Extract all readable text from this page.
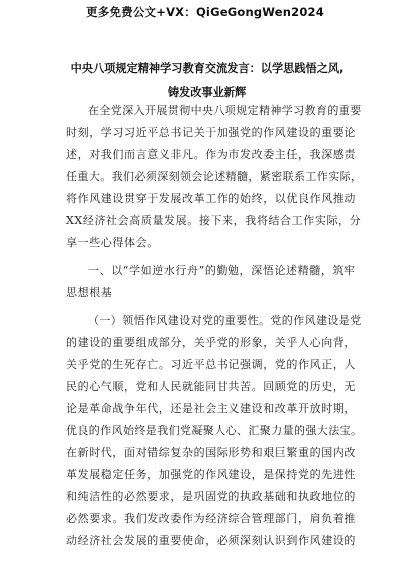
更多免费公文+VX：QiGeGongWen2024
中央八项规定精神学习教育交流发言：以学思践悟之风,
铸发改事业新辉
在全党深入开展贯彻中央八项规定精神学习教育的重要
时刻，学习习近平总书记关于加强党的作风建设的重要论
述，对我们而言意义非凡。作为市发改委主任，我深感责
任重大。我们必须深刻领会论述精髓，紧密联系工作实际，
将作风建设贯穿于发展改革工作的始终，以优良作风推动
XX经济社会高质量发展。接下来，我将结合工作实际，分
享一些心得体会。
一、以“学如逆水行舟”的勤勉，深悟论述精髓，筑牢
思想根基
（一）领悟作风建设对党的重要性。党的作风建设是党
的建设的重要组成部分，关乎党的形象，关乎人心向背，
关乎党的生死存亡。习近平总书记强调，党的作风正，人
民的心气顺，党和人民就能同甘共苦。回顾党的历史，无
论是革命战争年代，还是社会主义建设和改革开放时期，
优良的作风始终是我们党凝聚人心、汇聚力量的强大法宝。
在新时代，面对错综复杂的国际形势和艰巨繁重的国内改
革发展稳定任务，加强党的作风建设，是保持党的先进性
和纯洁性的必然要求，是巩固党的执政基础和执政地位的
必然要求。我们发改委作为经济综合管理部门，肩负着推
动经济社会发展的重要使命，必须深刻认识到作风建设的
